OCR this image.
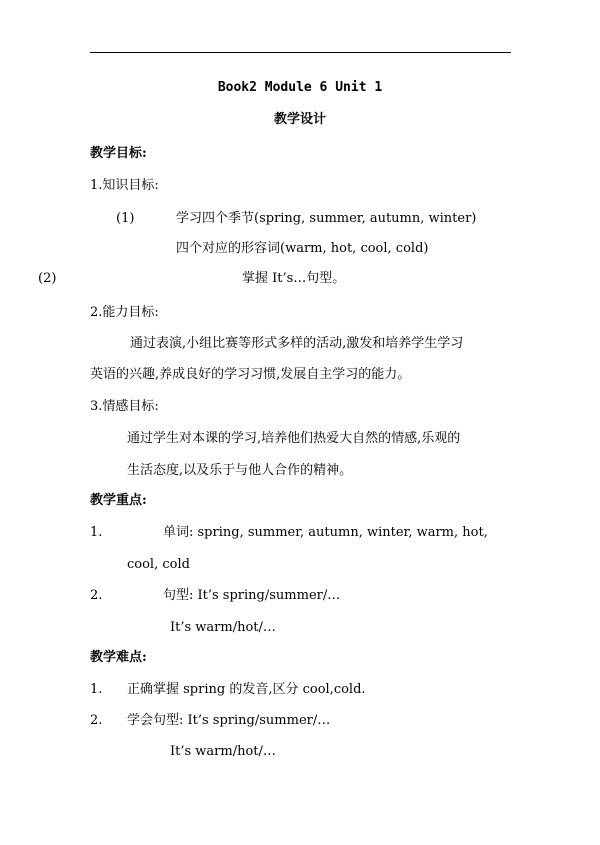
Book2 Module 6 Unit 1
教学设计
教学目标:
1.知识目标:
(1)	学习四个季节(spring, summer, autumn, winter)
四个对应的形容词(warm, hot, cool, cold)
(2)	掌握 It’s…句型。
2.能力目标:
通过表演,小组比赛等形式多样的活动,激发和培养学生学习
英语的兴趣,养成良好的学习习惯,发展自主学习的能力。
3.情感目标:
通过学生对本课的学习,培养他们热爱大自然的情感,乐观的
生活态度,以及乐于与他人合作的精神。
教学重点:
1.	单词: spring, summer, autumn, winter, warm, hot,
cool, cold
2.	句型: It’s spring/summer/…
It’s warm/hot/…
教学难点:
1. 正确掌握 spring 的发音,区分 cool,cold.
2. 学会句型: It’s spring/summer/…
It’s warm/hot/…
